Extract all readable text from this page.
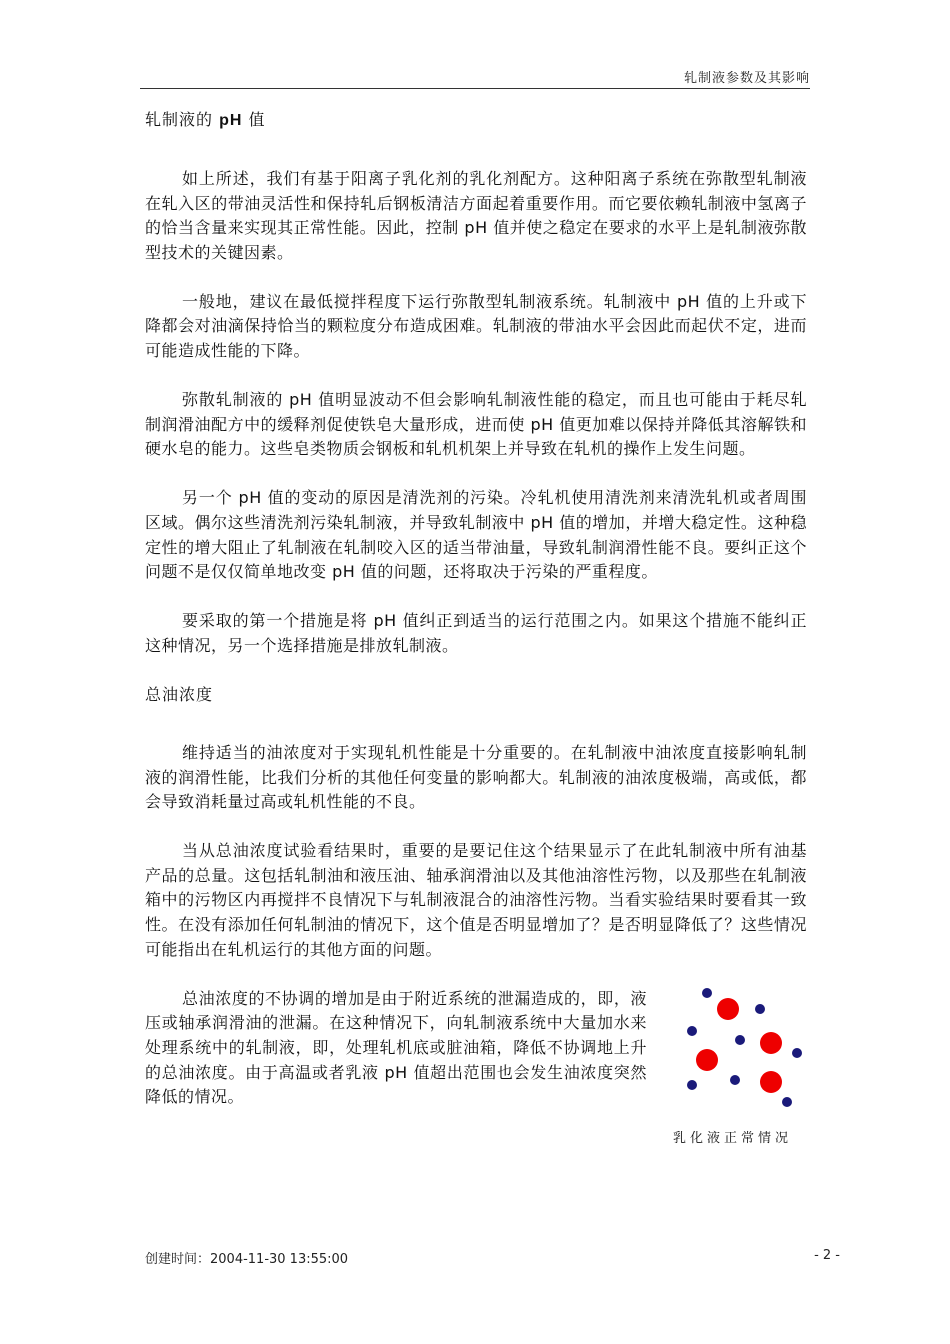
轧制液参数及其影响
轧制液的 pH 值

如上所述，我们有基于阳离子乳化剂的乳化剂配方。这种阳离子系统在弥散型轧制液在轧入区的带油灵活性和保持轧后钢板清洁方面起着重要作用。而它要依赖轧制液中氢离子的恰当含量来实现其正常性能。因此，控制 pH 值并使之稳定在要求的水平上是轧制液弥散型技术的关键因素。

一般地，建议在最低搅拌程度下运行弥散型轧制液系统。轧制液中 pH 值的上升或下降都会对油滴保持恰当的颗粒度分布造成困难。轧制液的带油水平会因此而起伏不定，进而可能造成性能的下降。

弥散轧制液的 pH 值明显波动不但会影响轧制液性能的稳定，而且也可能由于耗尽轧制润滑油配方中的缓释剂促使铁皂大量形成，进而使 pH 值更加难以保持并降低其溶解铁和硬水皂的能力。这些皂类物质会钢板和轧机机架上并导致在轧机的操作上发生问题。

另一个 pH 值的变动的原因是清洗剂的污染。冷轧机使用清洗剂来清洗轧机或者周围区域。偶尔这些清洗剂污染轧制液，并导致轧制液中 pH 值的增加，并增大稳定性。这种稳定性的增大阻止了轧制液在轧制咬入区的适当带油量，导致轧制润滑性能不良。要纠正这个问题不是仅仅简单地改变 pH 值的问题，还将取决于污染的严重程度。

要采取的第一个措施是将 pH 值纠正到适当的运行范围之内。如果这个措施不能纠正这种情况，另一个选择措施是排放轧制液。

总油浓度

维持适当的油浓度对于实现轧机性能是十分重要的。在轧制液中油浓度直接影响轧制液的润滑性能，比我们分析的其他任何变量的影响都大。轧制液的油浓度极端，高或低，都会导致消耗量过高或轧机性能的不良。

当从总油浓度试验看结果时，重要的是要记住这个结果显示了在此轧制液中所有油基产品的总量。这包括轧制油和液压油、轴承润滑油以及其他油溶性污物，以及那些在轧制液箱中的污物区内再搅拌不良情况下与轧制液混合的油溶性污物。当看实验结果时要看其一致性。在没有添加任何轧制油的情况下，这个值是否明显增加了？是否明显降低了？这些情况可能指出在轧机运行的其他方面的问题。

总油浓度的不协调的增加是由于附近系统的泄漏造成的，即，液压或轴承润滑油的泄漏。在这种情况下，向轧制液系统中大量加水来处理系统中的轧制液，即，处理轧机底或脏油箱，降低不协调地上升的总油浓度。由于高温或者乳液 pH 值超出范围也会发生油浓度突然降低的情况。

乳化液正常情况
创建时间：2004-11-30 13:55:00	- 2 -
